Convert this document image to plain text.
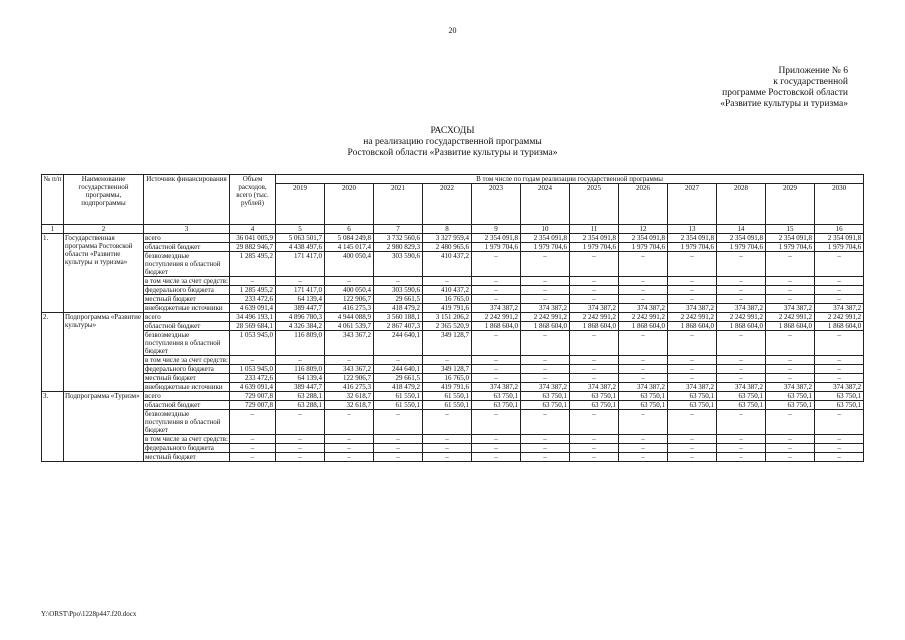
20
Приложение № 6
к государственной
программе Ростовской области
«Развитие культуры и туризма»
РАСХОДЫ
на реализацию государственной программы
Ростовской области «Развитие культуры и туризма»
№ п/п	Наименование государственной программы, подпрограммы	Источник финансирования	Объем расходов, всего (тыс. рублей)	В том числе по годам реализации государственной программы											
				2019	2020	2021	2022	2023	2024	2025	2026	2027	2028	2029	2030
1	2	3	4	5	6	7	8	9	10	11	12	13	14	15	16
1.	Государственная программа Ростовской области «Развитие культуры и туризма»	всего	36 041 005,9	5 063 501,7	5 084 249,8	3 732 560,6	3 327 959,4	2 354 091,8	2 354 091,8	2 354 091,8	2 354 091,8	2 354 091,8	2 354 091,8	2 354 091,8	2 354 091,8
		областной бюджет	29 882 946,7	4 438 497,6	4 145 017,4	2 980 829,3	2 480 965,6	1 979 704,6	1 979 704,6	1 979 704,6	1 979 704,6	1 979 704,6	1 979 704,6	1 979 704,6	1 979 704,6
		безвозмездные поступления в областной бюджет	1 285 495,2	171 417,0	400 050,4	303 590,6	410 437,2	–	–	–	–	–	–	–	–
		в том числе за счет средств:	–	–	–	–	–	–	–	–	–	–	–	–	–
		федерального бюджета	1 285 495,2	171 417,0	400 050,4	303 590,6	410 437,2	–	–	–	–	–	–	–	–
		местный бюджет	233 472,6	64 139,4	122 906,7	29 661,5	16 765,0	–	–	–	–	–	–	–	–
		внебюджетные источники	4 639 091,4	389 447,7	416 275,3	418 479,2	419 791,6	374 387,2	374 387,2	374 387,2	374 387,2	374 387,2	374 387,2	374 387,2	374 387,2
2.	Подпрограмма «Развитие культуры»	всего	34 496 193,1	4 896 780,3	4 944 088,9	3 560 188,1	3 151 206,2	2 242 991,2	2 242 991,2	2 242 991,2	2 242 991,2	2 242 991,2	2 242 991,2	2 242 991,2	2 242 991,2
		областной бюджет	28 569 684,1	4 326 384,2	4 061 539,7	2 867 407,3	2 365 520,9	1 868 604,0	1 868 604,0	1 868 604,0	1 868 604,0	1 868 604,0	1 868 604,0	1 868 604,0	1 868 604,0
		безвозмездные поступления в областной бюджет	1 053 945,0	116 809,0	343 367,2	244 640,1	349 128,7	–	–	–	–	–	–	–	–
		в том числе за счет средств:	–	–	–	–	–	–	–	–	–	–	–	–	–
		федерального бюджета	1 053 945,0	116 809,0	343 367,2	244 640,1	349 128,7	–	–	–	–	–	–	–	–
		местный бюджет	233 472,6	64 139,4	122 906,7	29 661,5	16 765,0	–	–	–	–	–	–	–	–
		внебюджетные источники	4 639 091,4	389 447,7	416 275,3	418 479,2	419 791,6	374 387,2	374 387,2	374 387,2	374 387,2	374 387,2	374 387,2	374 387,2	374 387,2
3.	Подпрограмма «Туризм»	всего	729 007,8	63 288,1	32 618,7	61 550,1	61 550,1	63 750,1	63 750,1	63 750,1	63 750,1	63 750,1	63 750,1	63 750,1	63 750,1
		областной бюджет	729 007,8	63 288,1	32 618,7	61 550,1	61 550,1	63 750,1	63 750,1	63 750,1	63 750,1	63 750,1	63 750,1	63 750,1	63 750,1
		безвозмездные поступления в областной бюджет	–	–	–	–	–	–	–	–	–	–	–	–	–
		в том числе за счет средств:	–	–	–	–	–	–	–	–	–	–	–	–	–
		федерального бюджета	–	–	–	–	–	–	–	–	–	–	–	–	–
		местный бюджет	–	–	–	–	–	–	–	–	–	–	–	–	–
Y:\ORST\Ppo\1228p447.f20.docx
